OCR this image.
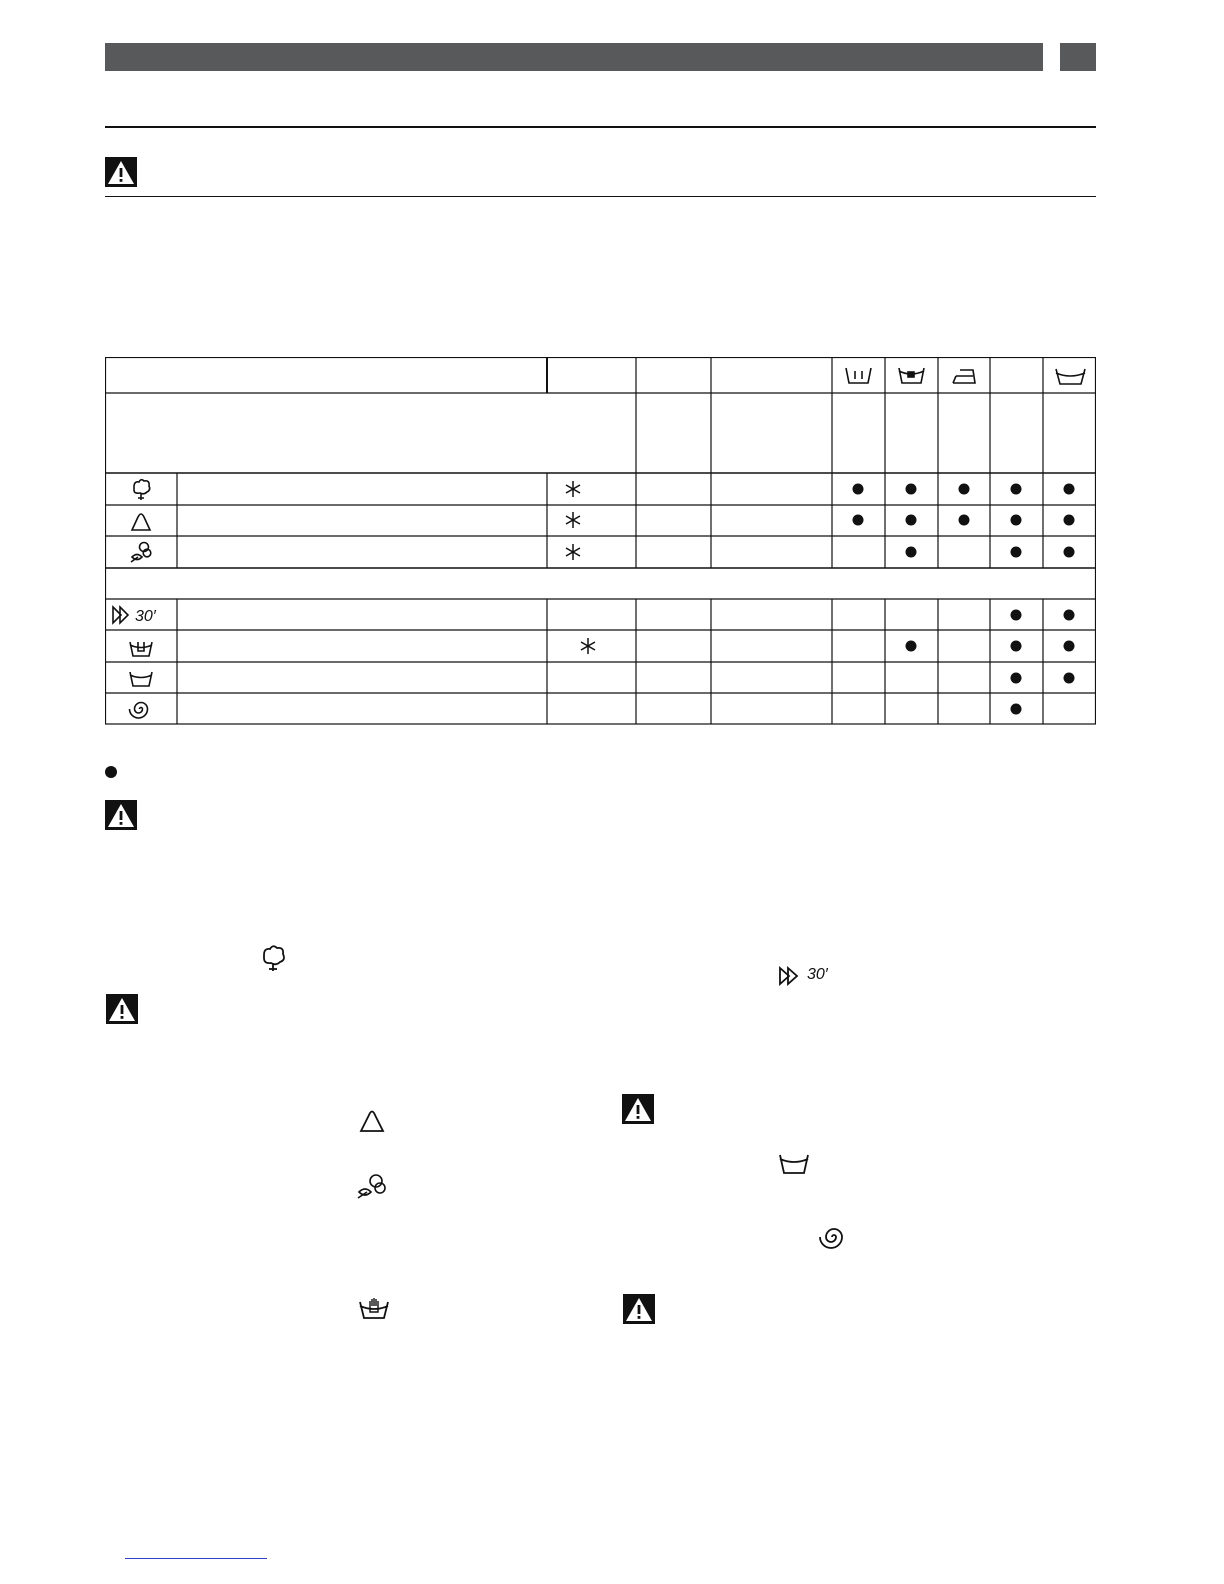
30′
30′
